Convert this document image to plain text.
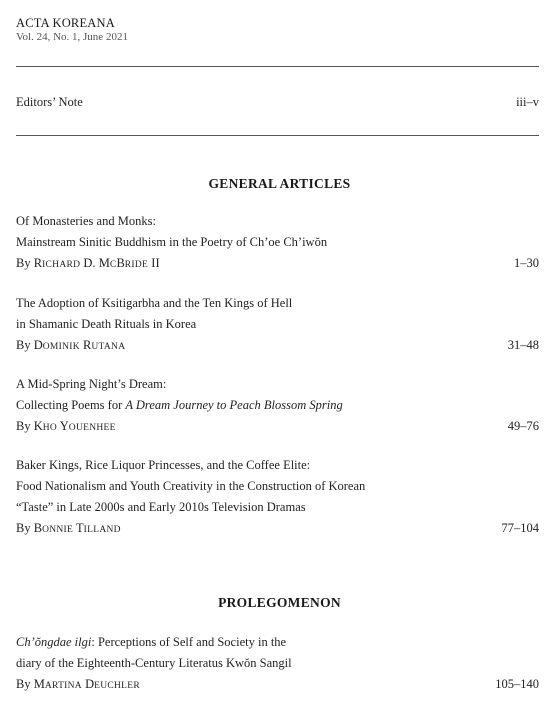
ACTA KOREANA
Vol. 24, No. 1, June 2021
Editors’ Note	iii–v
GENERAL ARTICLES
Of Monasteries and Monks:
Mainstream Sinitic Buddhism in the Poetry of Ch’oe Ch’iwŏn
By RICHARD D. MCBRIDE II	1–30
The Adoption of Ksitigarbha and the Ten Kings of Hell
in Shamanic Death Rituals in Korea
By DOMINIK RUTANA	31–48
A Mid-Spring Night’s Dream:
Collecting Poems for A Dream Journey to Peach Blossom Spring
By KHO YOUENHEE	49–76
Baker Kings, Rice Liquor Princesses, and the Coffee Elite:
Food Nationalism and Youth Creativity in the Construction of Korean
“Taste” in Late 2000s and Early 2010s Television Dramas
By BONNIE TILLAND	77–104
PROLEGOMENON
Ch’ŏngdae ilgi: Perceptions of Self and Society in the
diary of the Eighteenth-Century Literatus Kwŏn Sangil
By MARTINA DEUCHLER	105–140
